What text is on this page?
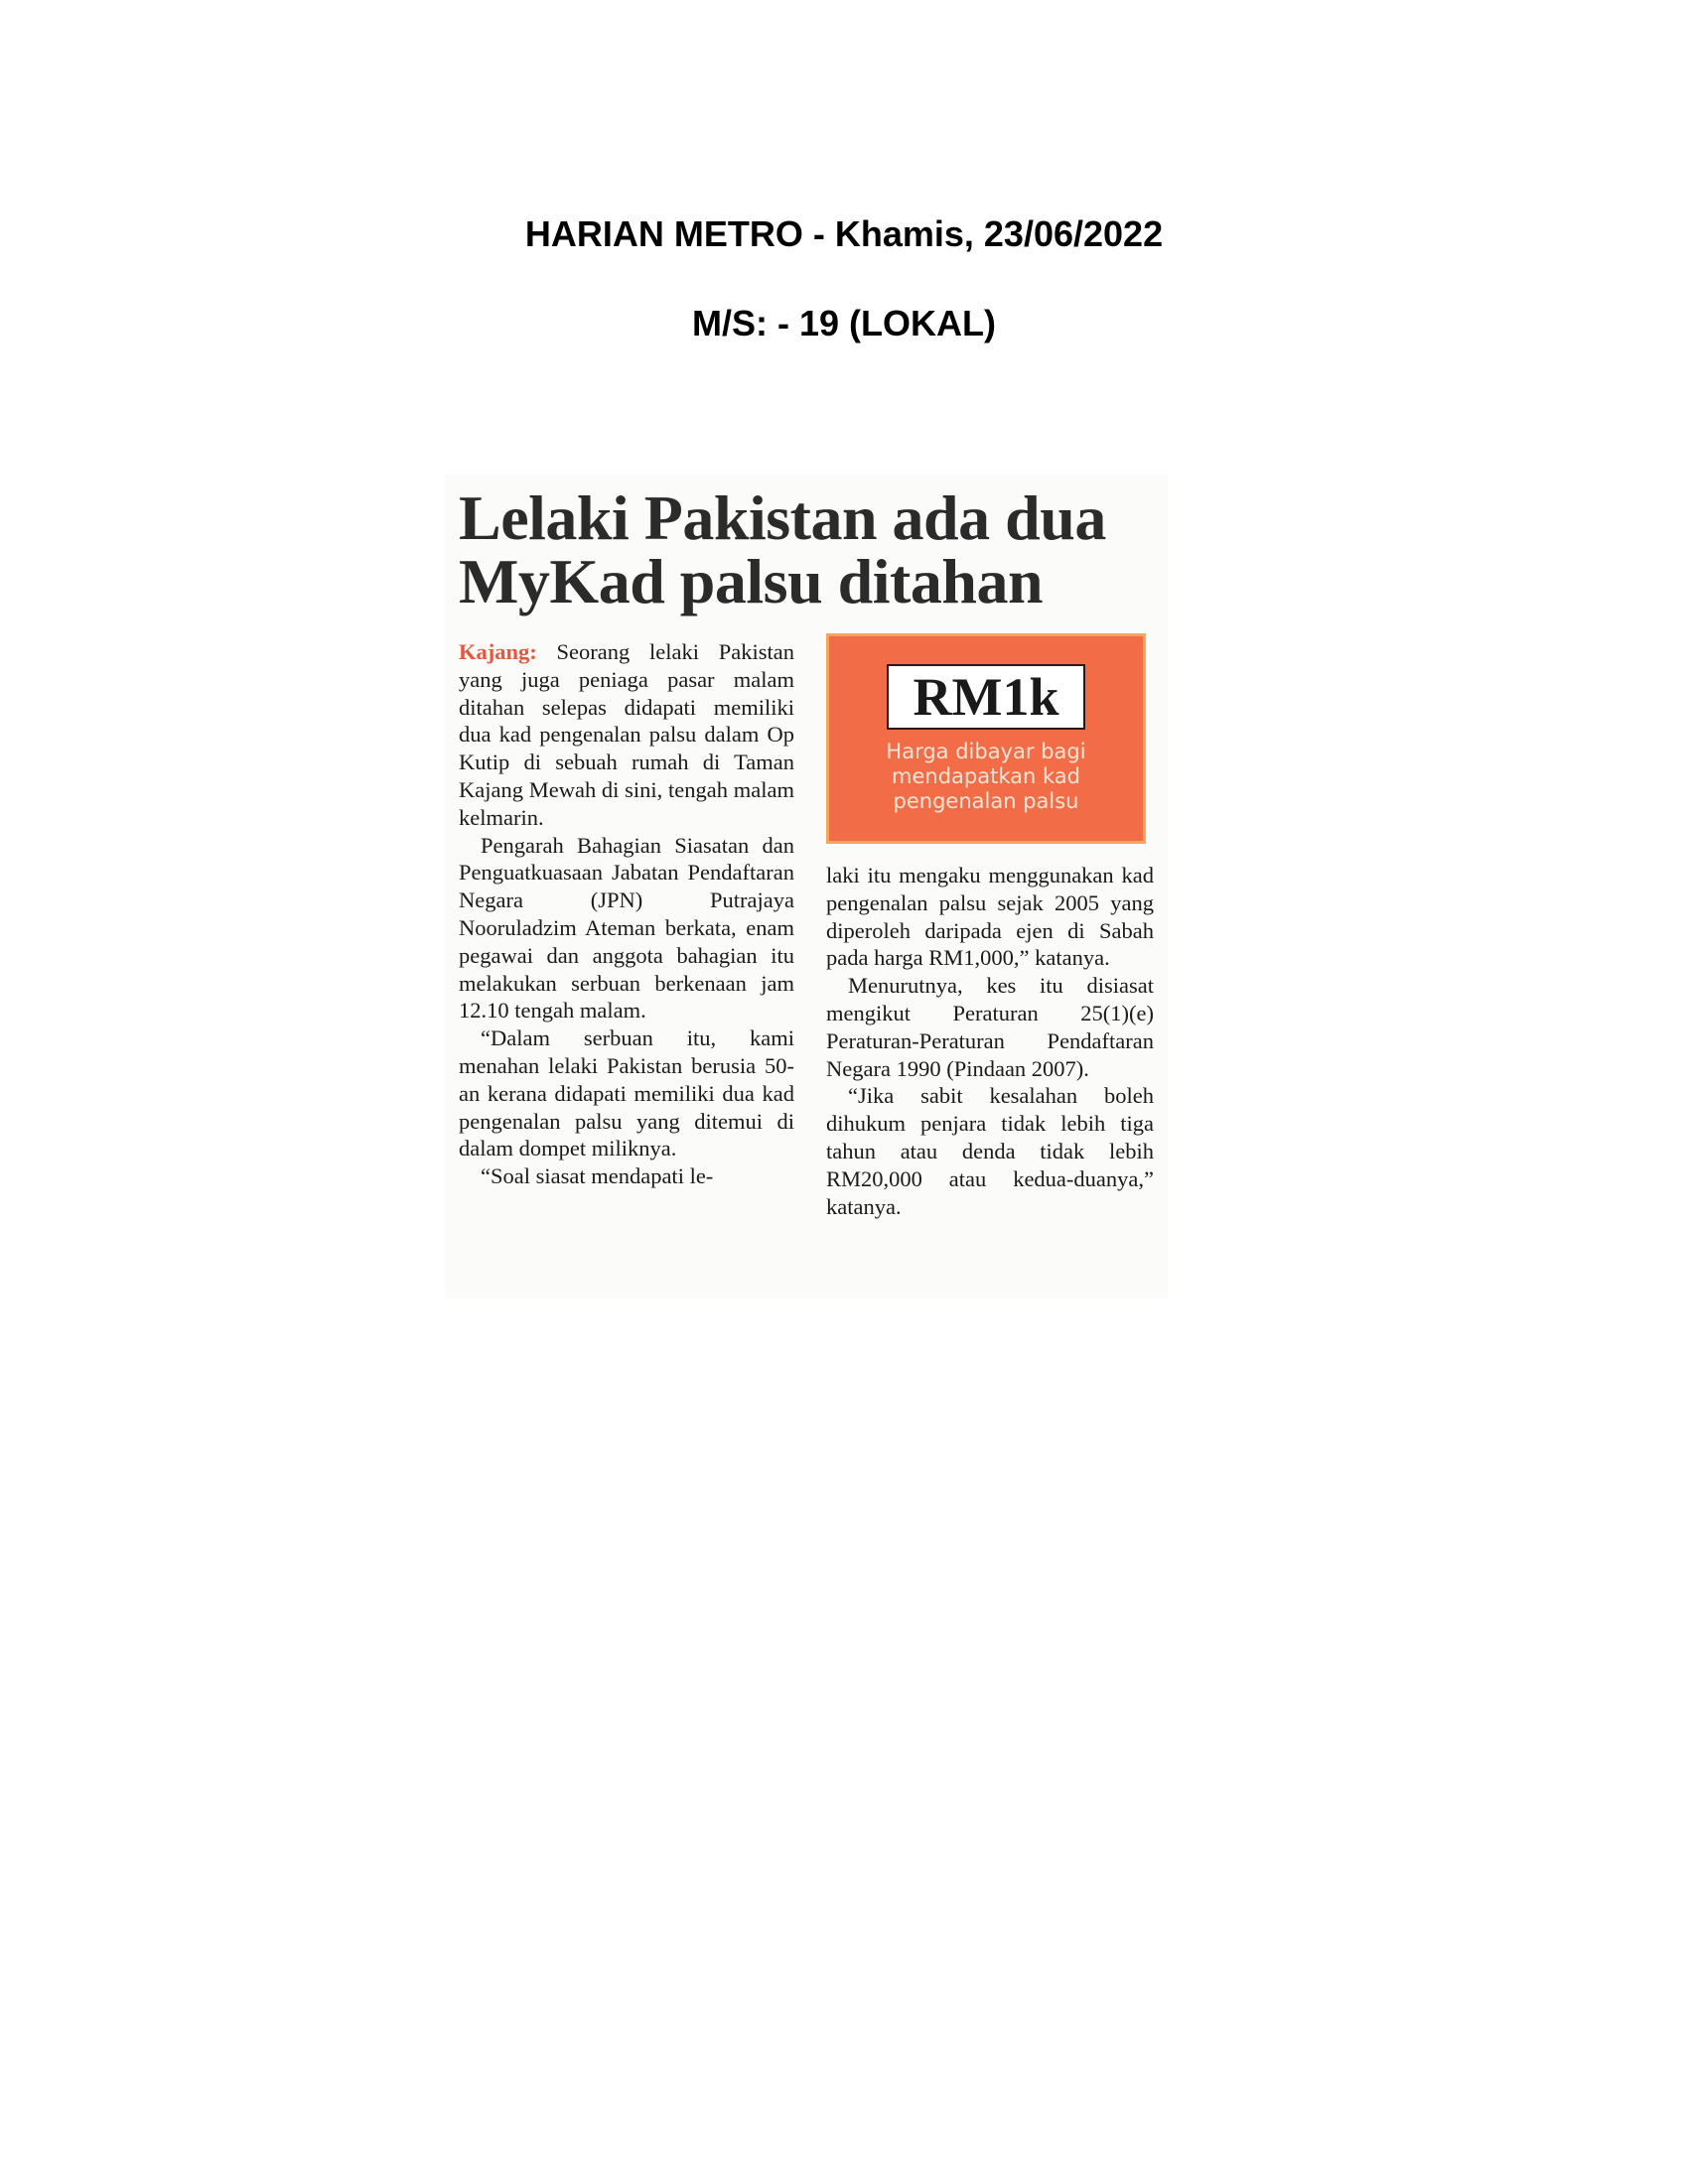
HARIAN METRO - Khamis, 23/06/2022
M/S: - 19 (LOKAL)
Lelaki Pakistan ada dua
MyKad palsu ditahan

Kajang: Seorang lelaki Pakistan yang juga peniaga pasar malam ditahan selepas didapati memiliki dua kad pengenalan palsu dalam Op Kutip di sebuah rumah di Taman Kajang Mewah di sini, tengah malam kelmarin.

Pengarah Bahagian Siasatan dan Penguatkuasaan Jabatan Pendaftaran Negara (JPN) Putrajaya Nooruladzim Ateman berkata, enam pegawai dan anggota bahagian itu melakukan serbuan berkenaan jam 12.10 tengah malam.

“Dalam serbuan itu, kami menahan lelaki Pakistan berusia 50-an kerana didapati memiliki dua kad pengenalan palsu yang ditemui di dalam dompet miliknya.

“Soal siasat mendapati le-

RM1k
Harga dibayar bagi mendapatkan kad pengenalan palsu

laki itu mengaku menggunakan kad pengenalan palsu sejak 2005 yang diperoleh daripada ejen di Sabah pada harga RM1,000,” katanya.

Menurutnya, kes itu disiasat mengikut Peraturan 25(1)(e) Peraturan-Peraturan Pendaftaran Negara 1990 (Pindaan 2007).

“Jika sabit kesalahan boleh dihukum penjara tidak lebih tiga tahun atau denda tidak lebih RM20,000 atau kedua-duanya,” katanya.
